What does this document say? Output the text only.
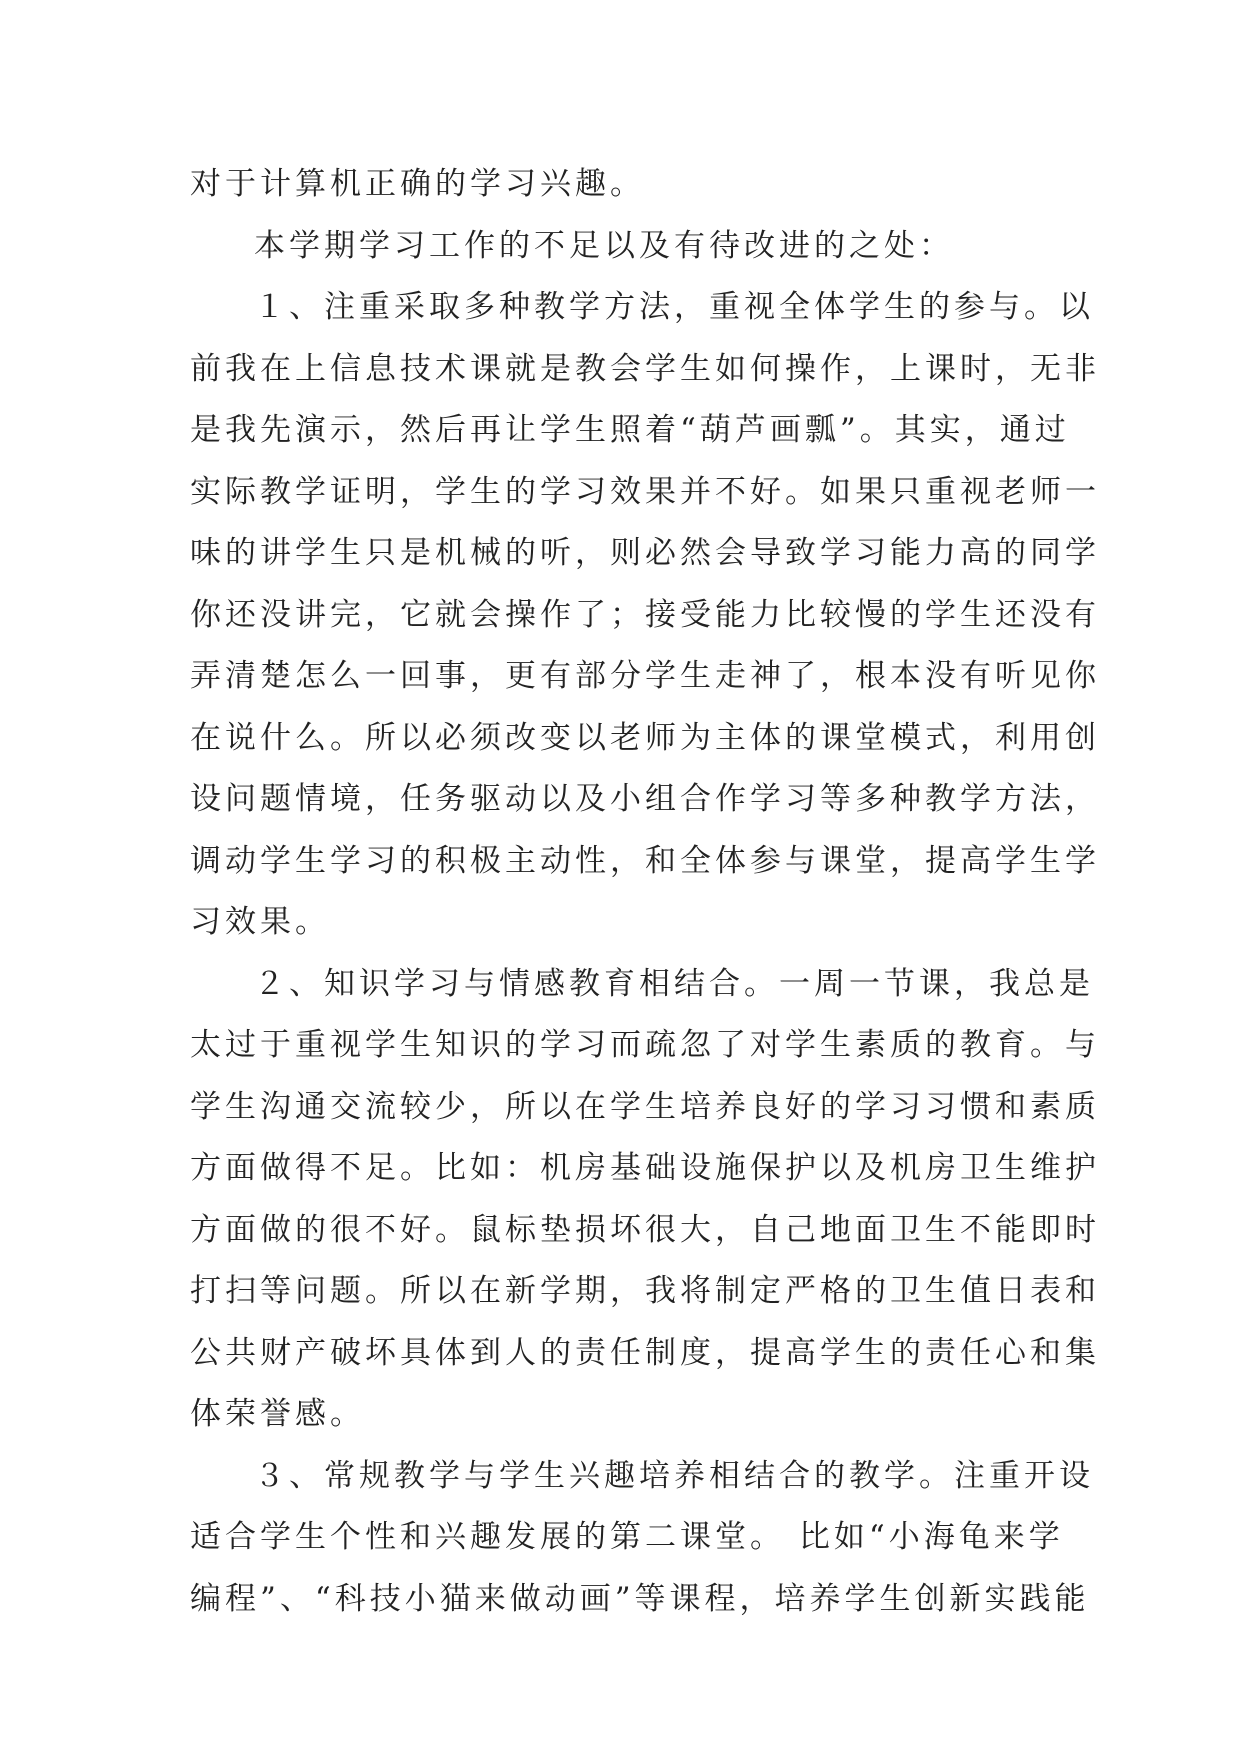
对于计算机正确的学习兴趣。
本学期学习工作的不足以及有待改进的之处：
１、注重采取多种教学方法，重视全体学生的参与。以
前我在上信息技术课就是教会学生如何操作，上课时，无非
是我先演示，然后再让学生照着“葫芦画瓢”。其实，通过
实际教学证明，学生的学习效果并不好。如果只重视老师一
味的讲学生只是机械的听，则必然会导致学习能力高的同学
你还没讲完，它就会操作了；接受能力比较慢的学生还没有
弄清楚怎么一回事，更有部分学生走神了，根本没有听见你
在说什么。所以必须改变以老师为主体的课堂模式，利用创
设问题情境，任务驱动以及小组合作学习等多种教学方法，
调动学生学习的积极主动性，和全体参与课堂，提高学生学
习效果。
２、知识学习与情感教育相结合。一周一节课，我总是
太过于重视学生知识的学习而疏忽了对学生素质的教育。与
学生沟通交流较少，所以在学生培养良好的学习习惯和素质
方面做得不足。比如：机房基础设施保护以及机房卫生维护
方面做的很不好。鼠标垫损坏很大，自己地面卫生不能即时
打扫等问题。所以在新学期，我将制定严格的卫生值日表和
公共财产破坏具体到人的责任制度，提高学生的责任心和集
体荣誉感。
３、常规教学与学生兴趣培养相结合的教学。注重开设
适合学生个性和兴趣发展的第二课堂。 比如“小海龟来学
编程”、“科技小猫来做动画”等课程，培养学生创新实践能
